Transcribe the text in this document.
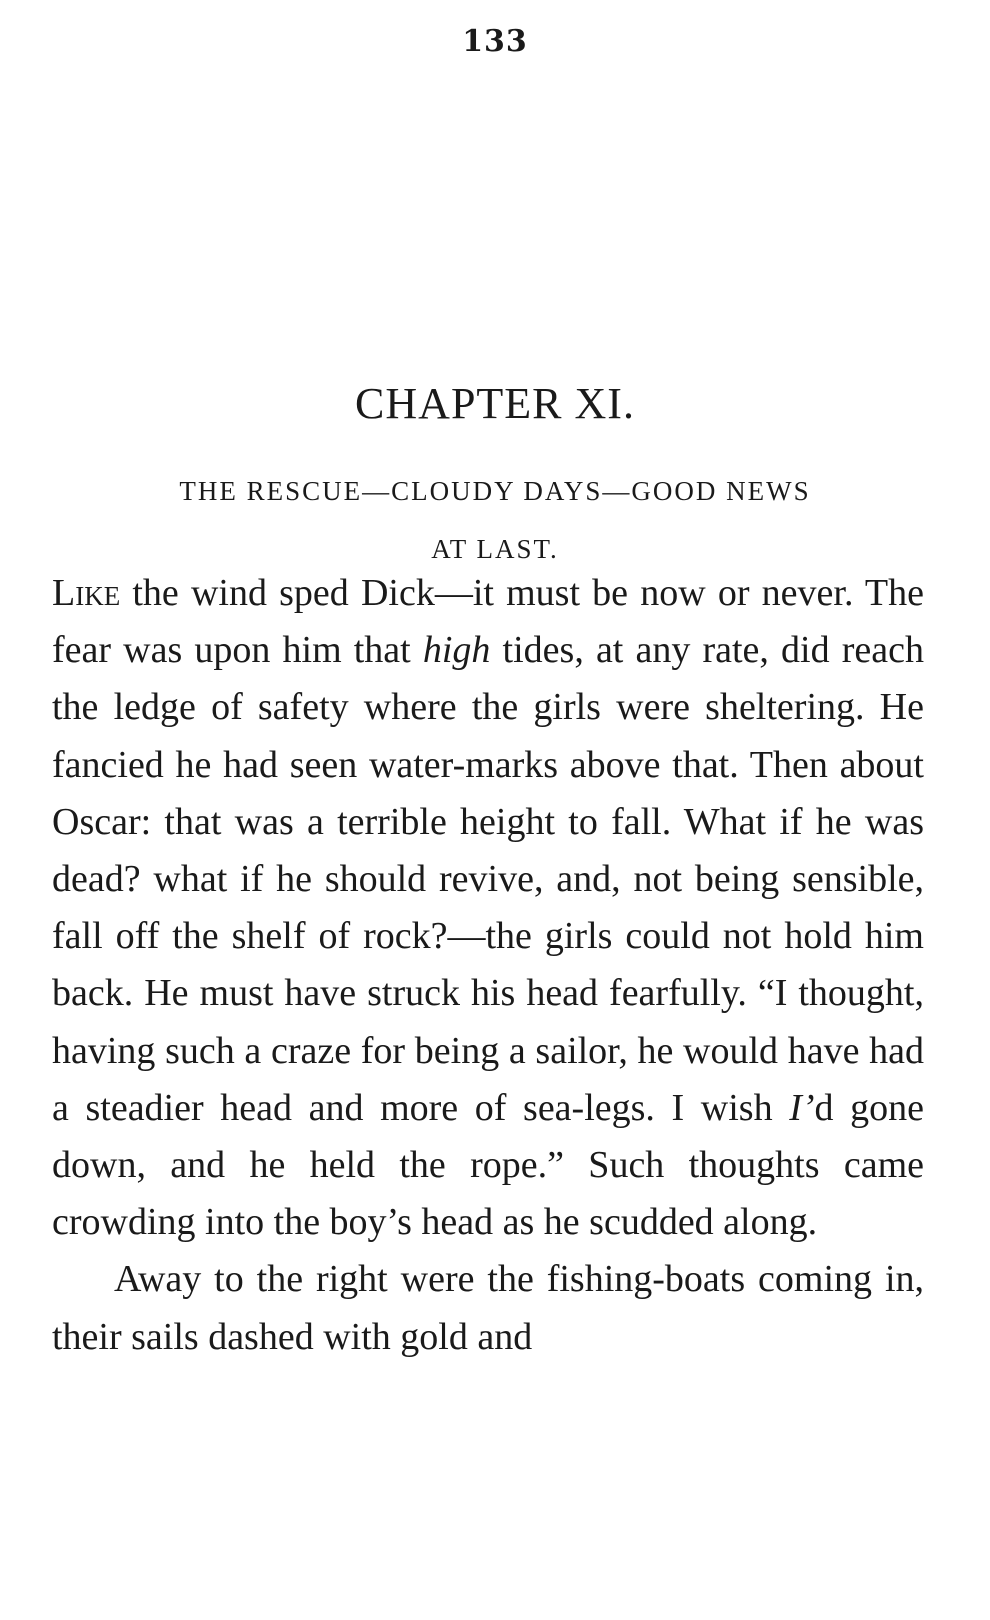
133
CHAPTER XI.
THE RESCUE—CLOUDY DAYS—GOOD NEWS
AT LAST.

Like the wind sped Dick—it must be now or never. The fear was upon him that high tides, at any rate, did reach the ledge of safety where the girls were sheltering. He fancied he had seen water-marks above that. Then about Oscar: that was a terrible height to fall. What if he was dead? what if he should revive, and, not being sensible, fall off the shelf of rock?—the girls could not hold him back. He must have struck his head fearfully. “I thought, having such a craze for being a sailor, he would have had a steadier head and more of sea-legs. I wish I’d gone down, and he held the rope.” Such thoughts came crowding into the boy’s head as he scudded along.

Away to the right were the fishing-boats coming in, their sails dashed with gold and
